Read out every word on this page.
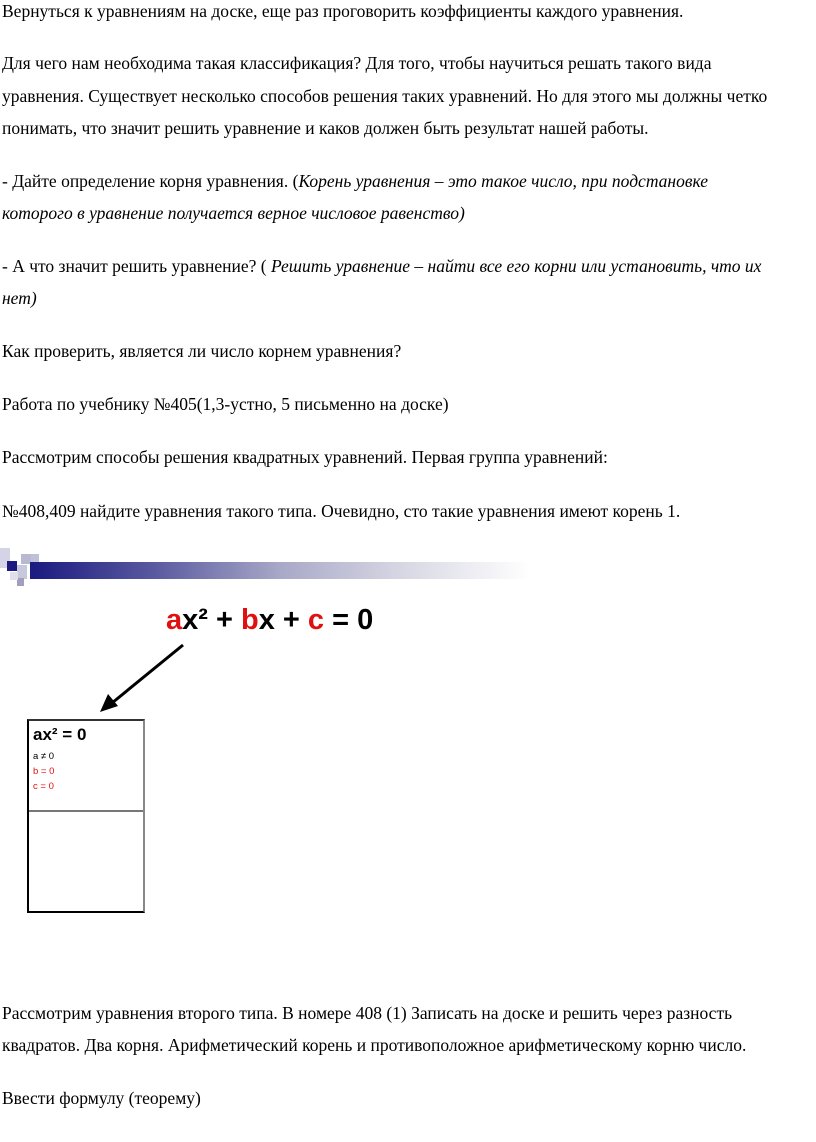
Вернуться к уравнениям на доске, еще раз проговорить коэффициенты каждого уравнения.

Для чего нам необходима такая классификация? Для того, чтобы научиться решать такого вида

уравнения. Существует несколько способов решения таких уравнений. Но для этого мы должны четко

понимать, что значит решить уравнение и каков должен быть результат нашей работы.

- Дайте определение корня уравнения. (Корень уравнения – это такое число, при подстановке

которого в уравнение получается верное числовое равенство)

- А что значит решить уравнение? ( Решить уравнение – найти все его корни или установить, что их

нет)

Как проверить, является ли число корнем уравнения?

Работа по учебнику №405(1,3-устно, 5 письменно на доске)

Рассмотрим способы решения квадратных уравнений. Первая группа уравнений:

№408,409 найдите уравнения такого типа. Очевидно, сто такие уравнения имеют корень 1.

ax² + bx + c = 0
ax² = 0
a ≠ 0
b = 0
c = 0

Рассмотрим уравнения второго типа. В номере 408 (1) Записать на доске и решить через разность

квадратов. Два корня. Арифметический корень и противоположное арифметическому корню число.

Ввести формулу (теорему)
